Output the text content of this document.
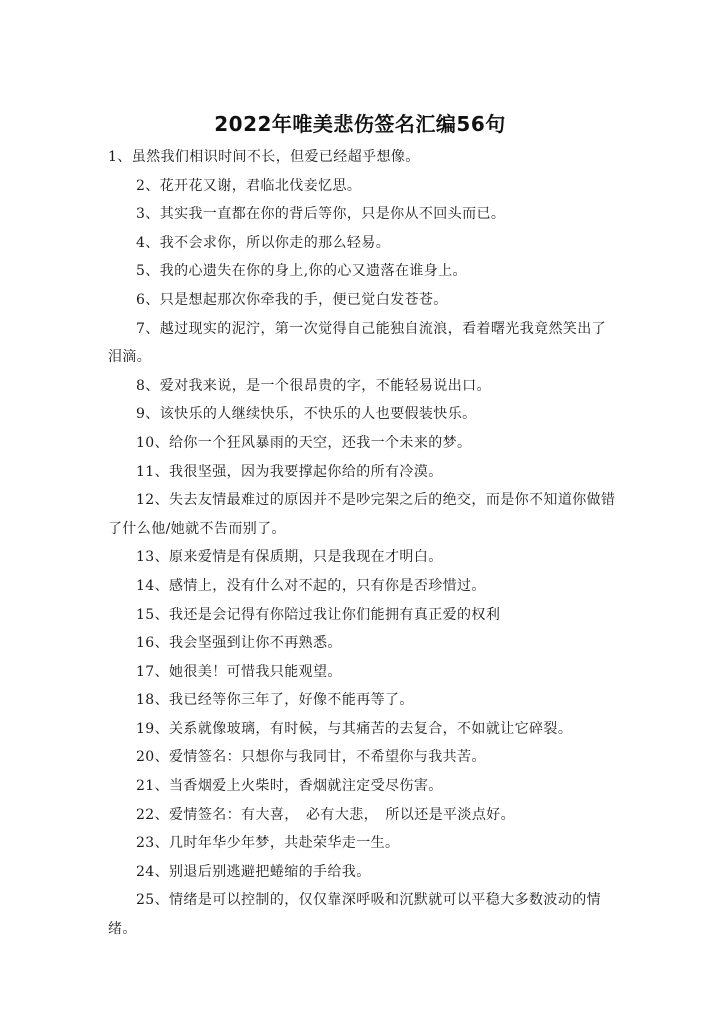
2022年唯美悲伤签名汇编56句

1、虽然我们相识时间不长，但爱已经超乎想像。

2、花开花又谢，君临北伐妾忆思。

3、其实我一直都在你的背后等你，只是你从不回头而已。

4、我不会求你，所以你走的那么轻易。

5、我的心遗失在你的身上,你的心又遗落在谁身上。

6、只是想起那次你牵我的手，便已觉白发苍苍。

7、越过现实的泥泞，第一次觉得自己能独自流浪，看着曙光我竟然笑出了泪滴。

8、爱对我来说，是一个很昂贵的字，不能轻易说出口。

9、该快乐的人继续快乐，不快乐的人也要假装快乐。

10、给你一个狂风暴雨的天空，还我一个未来的梦。

11、我很坚强，因为我要撑起你给的所有冷漠。

12、失去友情最难过的原因并不是吵完架之后的绝交，而是你不知道你做错了什么他/她就不告而别了。

13、原来爱情是有保质期，只是我现在才明白。

14、感情上，没有什么对不起的，只有你是否珍惜过。

15、我还是会记得有你陪过我让你们能拥有真正爱的权利

16、我会坚强到让你不再熟悉。

17、她很美！可惜我只能观望。

18、我已经等你三年了，好像不能再等了。

19、关系就像玻璃，有时候，与其痛苦的去复合，不如就让它碎裂。

20、爱情签名：只想你与我同甘，不希望你与我共苦。

21、当香烟爱上火柴时，香烟就注定受尽伤害。

22、爱情签名：有大喜，　必有大悲，　所以还是平淡点好。

23、几时年华少年梦，共赴荣华走一生。

24、别退后别逃避把蜷缩的手给我。

25、情绪是可以控制的，仅仅靠深呼吸和沉默就可以平稳大多数波动的情绪。
